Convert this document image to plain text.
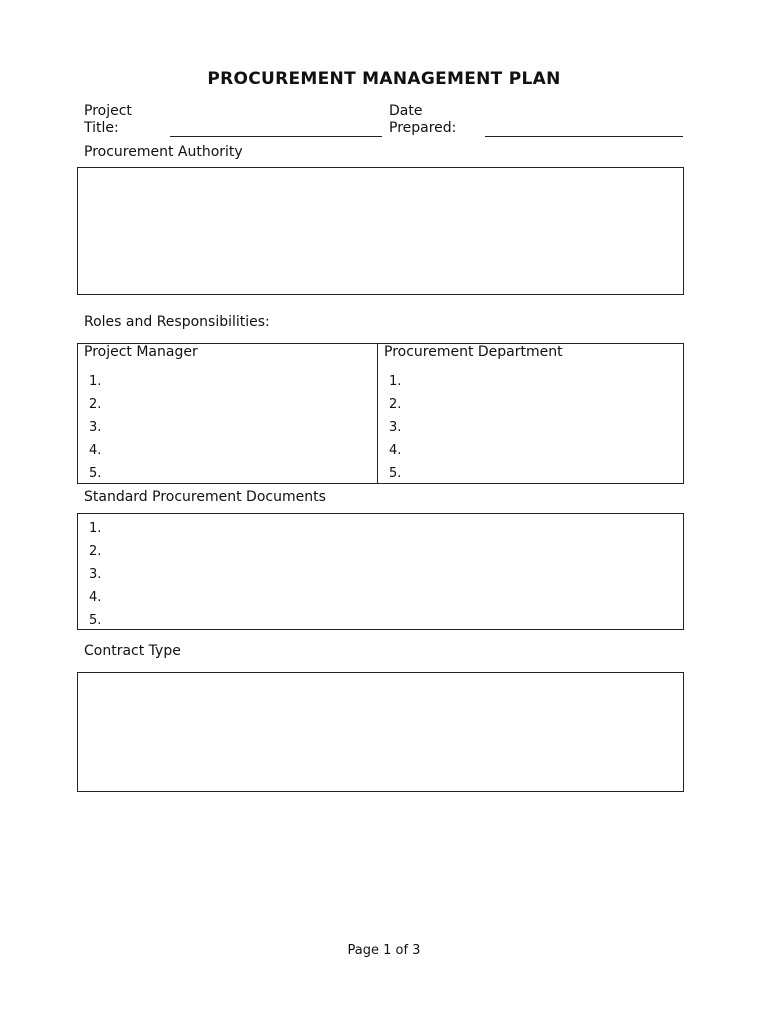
PROCUREMENT MANAGEMENT PLAN
Project
Title:
Date
Prepared:
Procurement Authority
Roles and Responsibilities:
Project Manager
1.
2.
3.
4.
5.
Procurement Department
1.
2.
3.
4.
5.
Standard Procurement Documents
1.
2.
3.
4.
5.
Contract Type
Page 1 of 3
